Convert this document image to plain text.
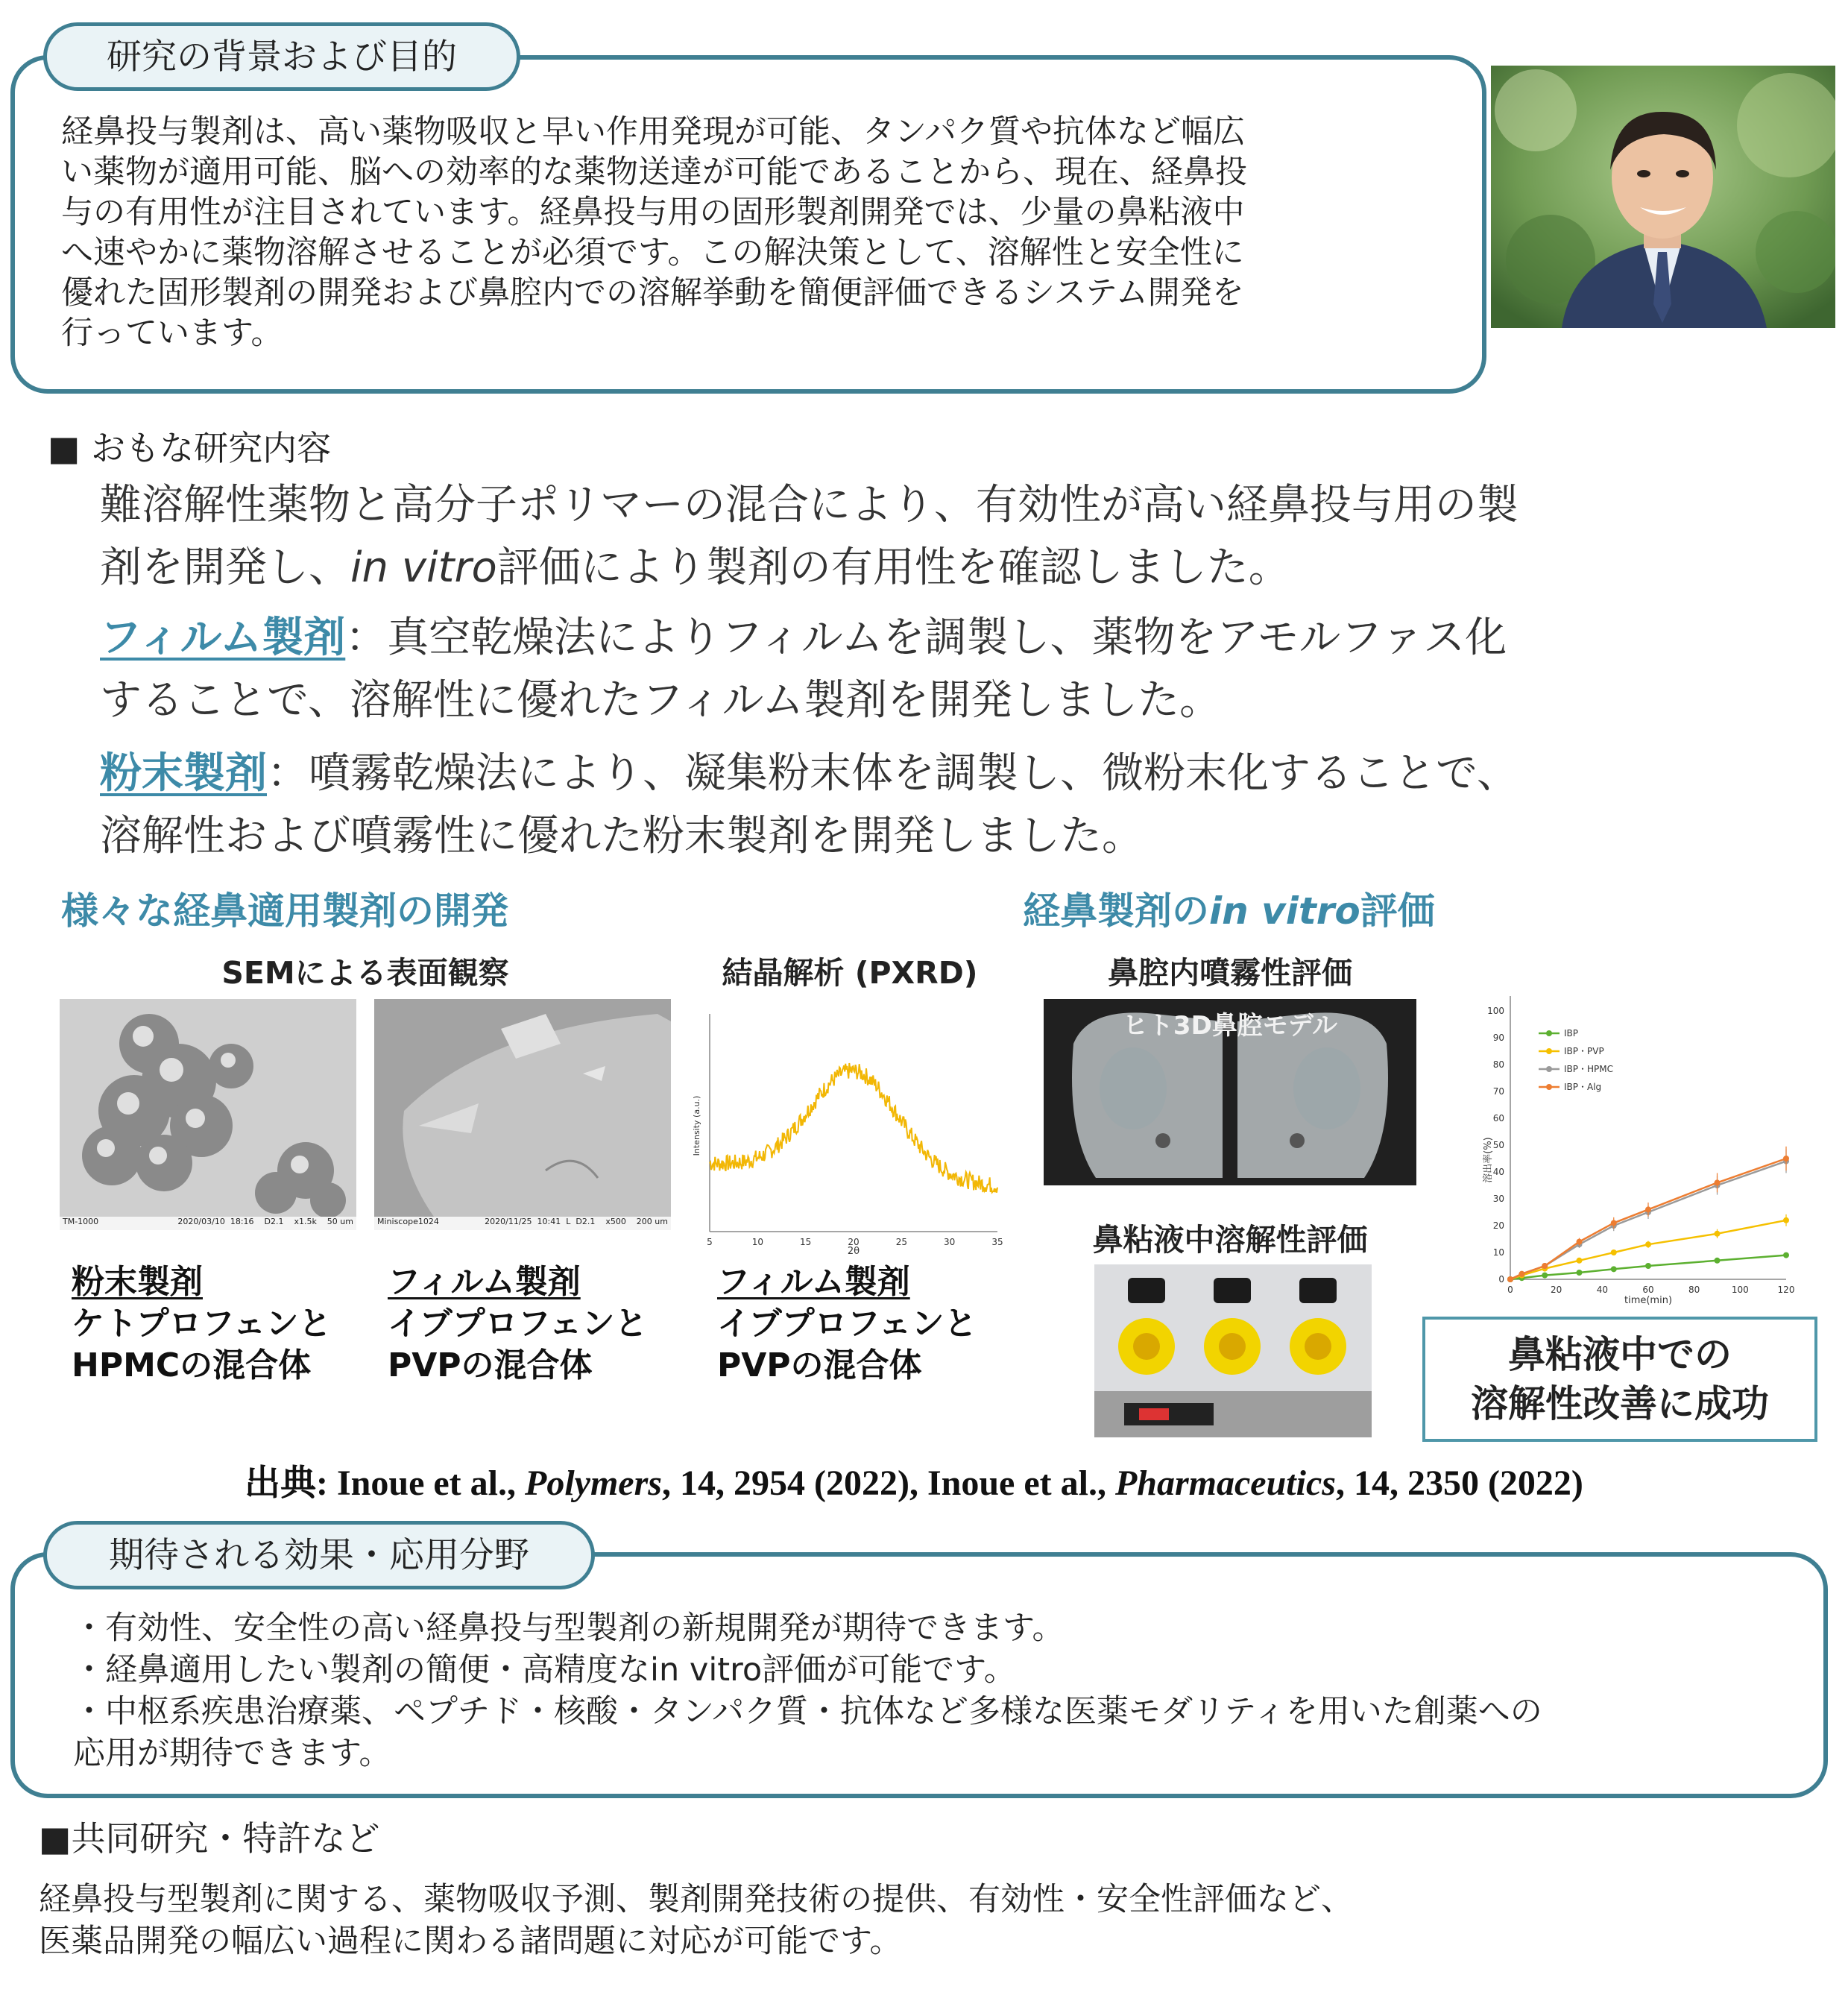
研究の背景および目的
経鼻投与製剤は、高い薬物吸収と早い作用発現が可能、タンパク質や抗体など幅広
い薬物が適用可能、脳への効率的な薬物送達が可能であることから、現在、経鼻投
与の有用性が注目されています。経鼻投与用の固形製剤開発では、少量の鼻粘液中
へ速やかに薬物溶解させることが必須です。この解決策として、溶解性と安全性に
優れた固形製剤の開発および鼻腔内での溶解挙動を簡便評価できるシステム開発を
行っています。
■ おもな研究内容
難溶解性薬物と高分子ポリマーの混合により、有効性が高い経鼻投与用の製
剤を開発し、in vitro評価により製剤の有用性を確認しました。
フィルム製剤：真空乾燥法によりフィルムを調製し、薬物をアモルファス化
することで、溶解性に優れたフィルム製剤を開発しました。
粉末製剤：噴霧乾燥法により、凝集粉末体を調製し、微粉末化することで、
溶解性および噴霧性に優れた粉末製剤を開発しました。
様々な経鼻適用製剤の開発	経鼻製剤のin vitro評価
SEMによる表面観察	結晶解析 (PXRD)	鼻腔内噴霧性評価
TM-1000	2020/03/10  18:16    D2.1    x1.5k    50 um	Miniscope1024	2020/11/25  10:41  L  D2.1    x500    200 um
5	10	15	20	25	30	35
Intensity (a.u.)
2θ
ヒト3D鼻腔モデル
鼻粘液中溶解性評価
0
10
20
30
40
50
60
70
80
90
100
0	20	40	60	80	100	120
IBP
IBP・PVP
IBP・HPMC
IBP・Alg
溶出率(%)
time(min)
粉末製剤
ケトプロフェンと
HPMCの混合体
フィルム製剤
イブプロフェンと
PVPの混合体
フィルム製剤
イブプロフェンと
PVPの混合体	鼻粘液中での
溶解性改善に成功
出典: Inoue et al., Polymers, 14, 2954 (2022), Inoue et al., Pharmaceutics, 14, 2350 (2022)
期待される効果・応用分野
・有効性、安全性の高い経鼻投与型製剤の新規開発が期待できます。
・経鼻適用したい製剤の簡便・高精度なin vitro評価が可能です。
・中枢系疾患治療薬、ペプチド・核酸・タンパク質・抗体など多様な医薬モダリティを用いた創薬への
応用が期待できます。
■共同研究・特許など
経鼻投与型製剤に関する、薬物吸収予測、製剤開発技術の提供、有効性・安全性評価など、
医薬品開発の幅広い過程に関わる諸問題に対応が可能です。
